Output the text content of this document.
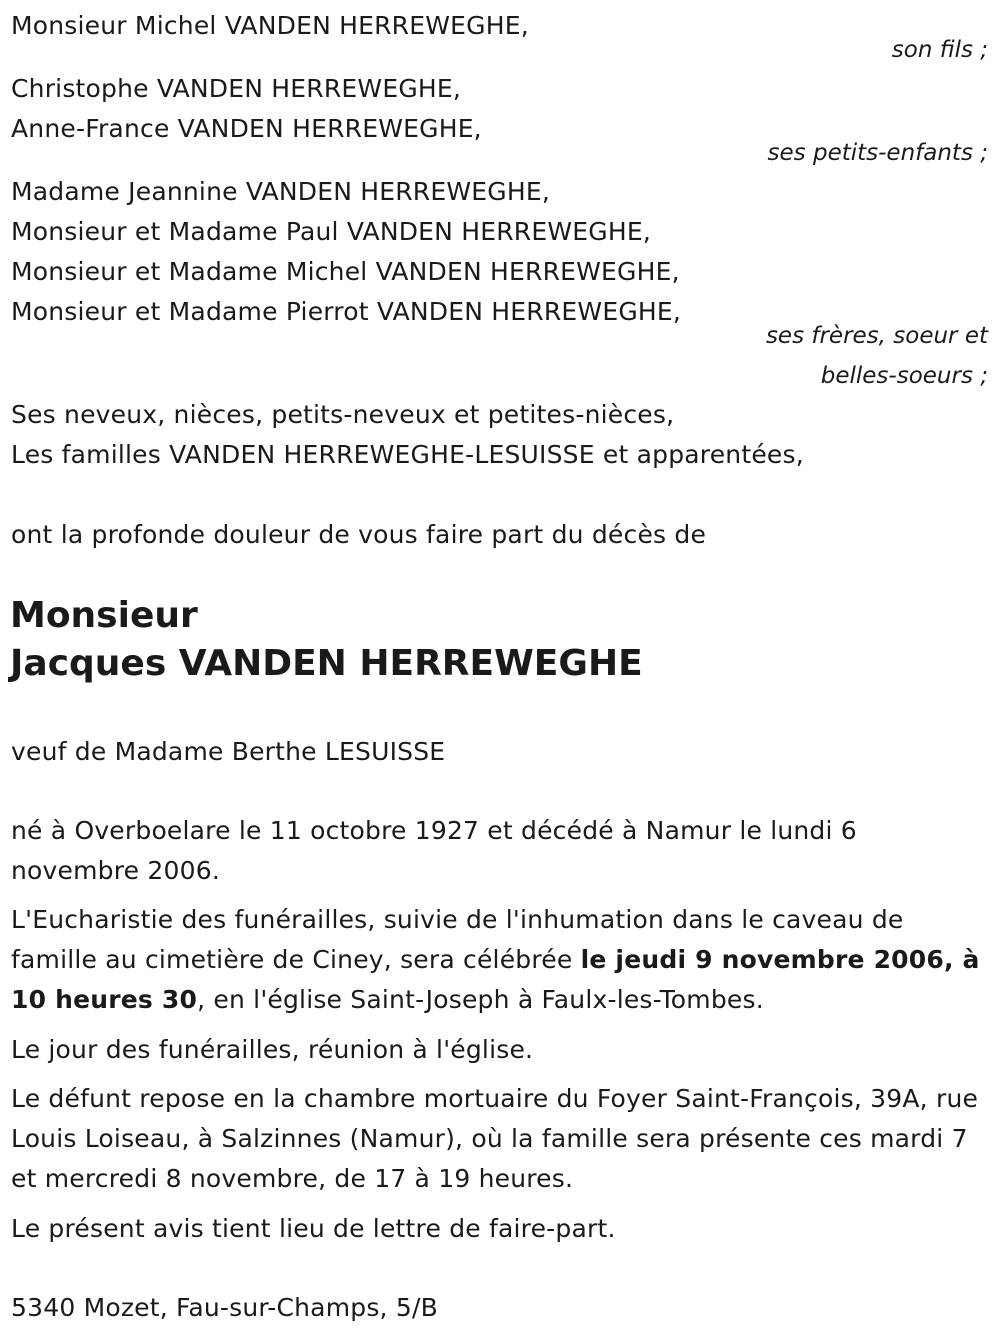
Monsieur Michel VANDEN HERREWEGHE,
son fils ;
Christophe VANDEN HERREWEGHE,
Anne-France VANDEN HERREWEGHE,
ses petits-enfants ;
Madame Jeannine VANDEN HERREWEGHE,
Monsieur et Madame Paul VANDEN HERREWEGHE,
Monsieur et Madame Michel VANDEN HERREWEGHE,
Monsieur et Madame Pierrot VANDEN HERREWEGHE,
ses frères, soeur et
belles-soeurs ;
Ses neveux, nièces, petits-neveux et petites-nièces,
Les familles VANDEN HERREWEGHE-LESUISSE et apparentées,
ont la profonde douleur de vous faire part du décès de
Monsieur
Jacques VANDEN HERREWEGHE
veuf de Madame Berthe LESUISSE
né à Overboelare le 11 octobre 1927 et décédé à Namur le lundi 6 novembre 2006.
L'Eucharistie des funérailles, suivie de l'inhumation dans le caveau de famille au cimetière de Ciney, sera célébrée le jeudi 9 novembre 2006, à 10 heures 30, en l'église Saint-Joseph à Faulx-les-Tombes.
Le jour des funérailles, réunion à l'église.
Le défunt repose en la chambre mortuaire du Foyer Saint-François, 39A, rue Louis Loiseau, à Salzinnes (Namur), où la famille sera présente ces mardi 7 et mercredi 8 novembre, de 17 à 19 heures.
Le présent avis tient lieu de lettre de faire-part.
5340 Mozet, Fau-sur-Champs, 5/B
